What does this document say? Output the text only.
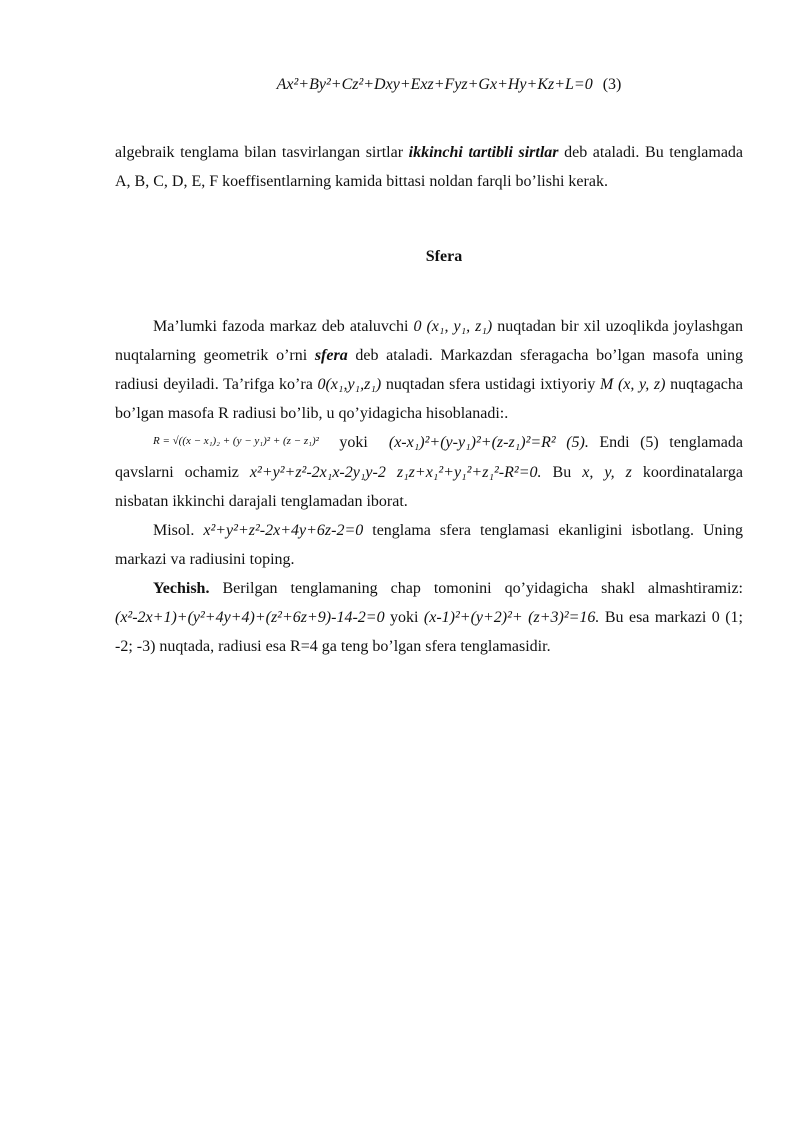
Ax²+By²+Cz²+Dxy+Exz+Fyz+Gx+Hy+Kz+L=0 (3)

algebraik tenglama bilan tasvirlangan sirtlar ikkinchi tartibli sirtlar deb ataladi. Bu tenglamada A, B, C, D, E, F koeffisentlarning kamida bittasi noldan farqli bo’lishi kerak.

Sfera

Ma’lumki fazoda markaz deb ataluvchi 0 (x₁, y₁, z₁) nuqtadan bir xil uzoqlikda joylashgan nuqtalarning geometrik o’rni sfera deb ataladi. Markazdan sferagacha bo’lgan masofa uning radiusi deyiladi. Ta’rifga ko’ra 0(x₁,y₁,z₁) nuqtadan sfera ustidagi ixtiyoriy M (x, y, z) nuqtagacha bo’lgan masofa R radiusi bo’lib, u qo’yidagicha hisoblanadi:.

R = √((x − x₁)₂ + (y − y₁)² + (z − z₁)² yoki (x-x₁)²+(y-y₁)²+(z-z₁)²=R² (5). Endi (5) tenglamada qavslarni ochamiz x²+y²+z²-2x₁x-2y₁y-2 z₁z+x₁²+y₁²+z₁²-R²=0. Bu x, y, z koordinatalarga nisbatan ikkinchi darajali tenglamadan iborat.

Misol. x²+y²+z²-2x+4y+6z-2=0 tenglama sfera tenglamasi ekanligini isbotlang. Uning markazi va radiusini toping.

Yechish. Berilgan tenglamaning chap tomonini qo’yidagicha shakl almashtiramiz: (x²-2x+1)+(y²+4y+4)+(z²+6z+9)-14-2=0 yoki (x-1)²+(y+2)²+ (z+3)²=16. Bu esa markazi 0 (1; -2; -3) nuqtada, radiusi esa R=4 ga teng bo’lgan sfera tenglamasidir.
